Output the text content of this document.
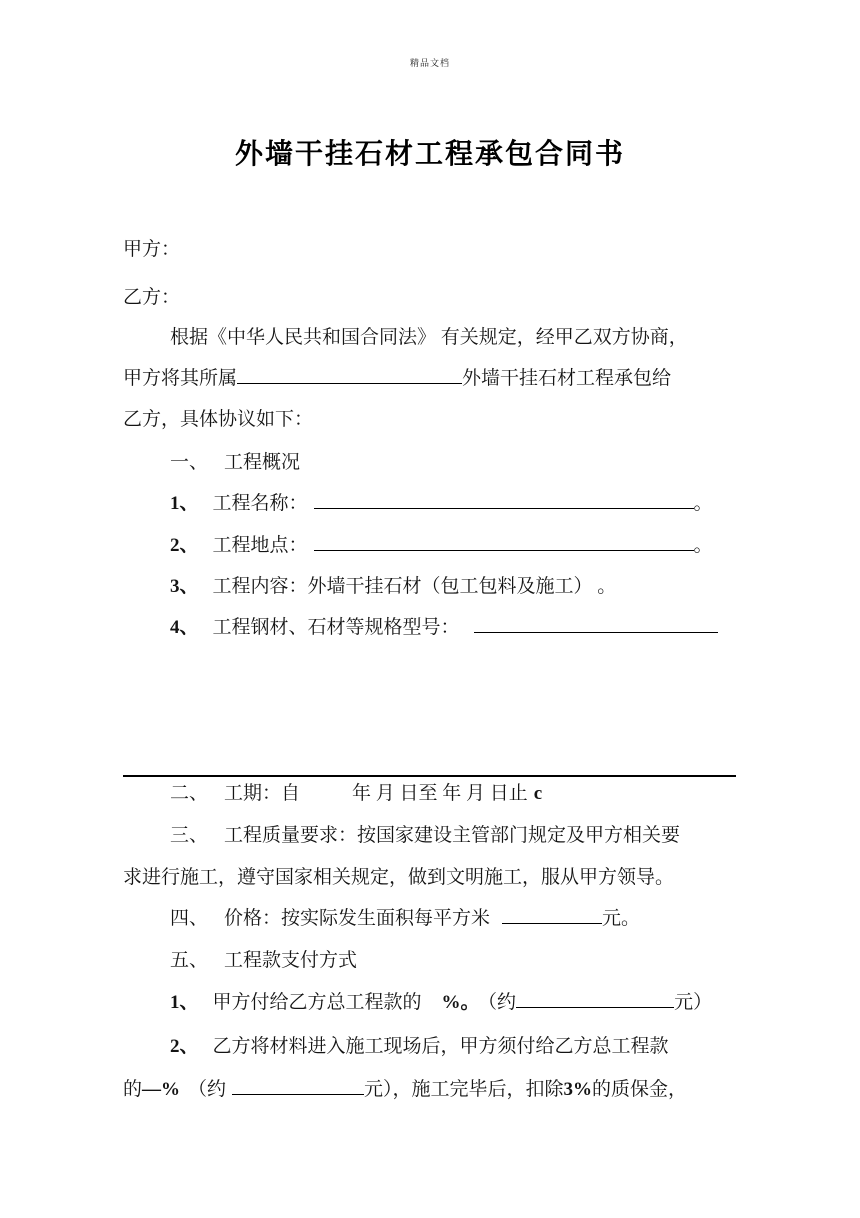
精品文档
外墙干挂石材工程承包合同书
甲方：
乙方：
根据《中华人民共和国合同法》 有关规定，经甲乙双方协商，
甲方将其所属	外墙干挂石材工程承包给
乙方，具体协议如下：
一、 工程概况
1、 工程名称：	。
2、 工程地点：	。
3、 工程内容：外墙干挂石材（包工包料及施工） 。
4、 工程钢材、石材等规格型号：
二、 工期：自	年 月 日至 年 月 日止 c
三、 工程质量要求：按国家建设主管部门规定及甲方相关要
求进行施工，遵守国家相关规定，做到文明施工，服从甲方领导。
四、 价格：按实际发生面积每平方米	元。
五、 工程款支付方式
1、 甲方付给乙方总工程款的 %。 （约	元）
2、 乙方将材料进入施工现场后，甲方须付给乙方总工程款
的—% （约	元），施工完毕后，扣除3%的质保金，
